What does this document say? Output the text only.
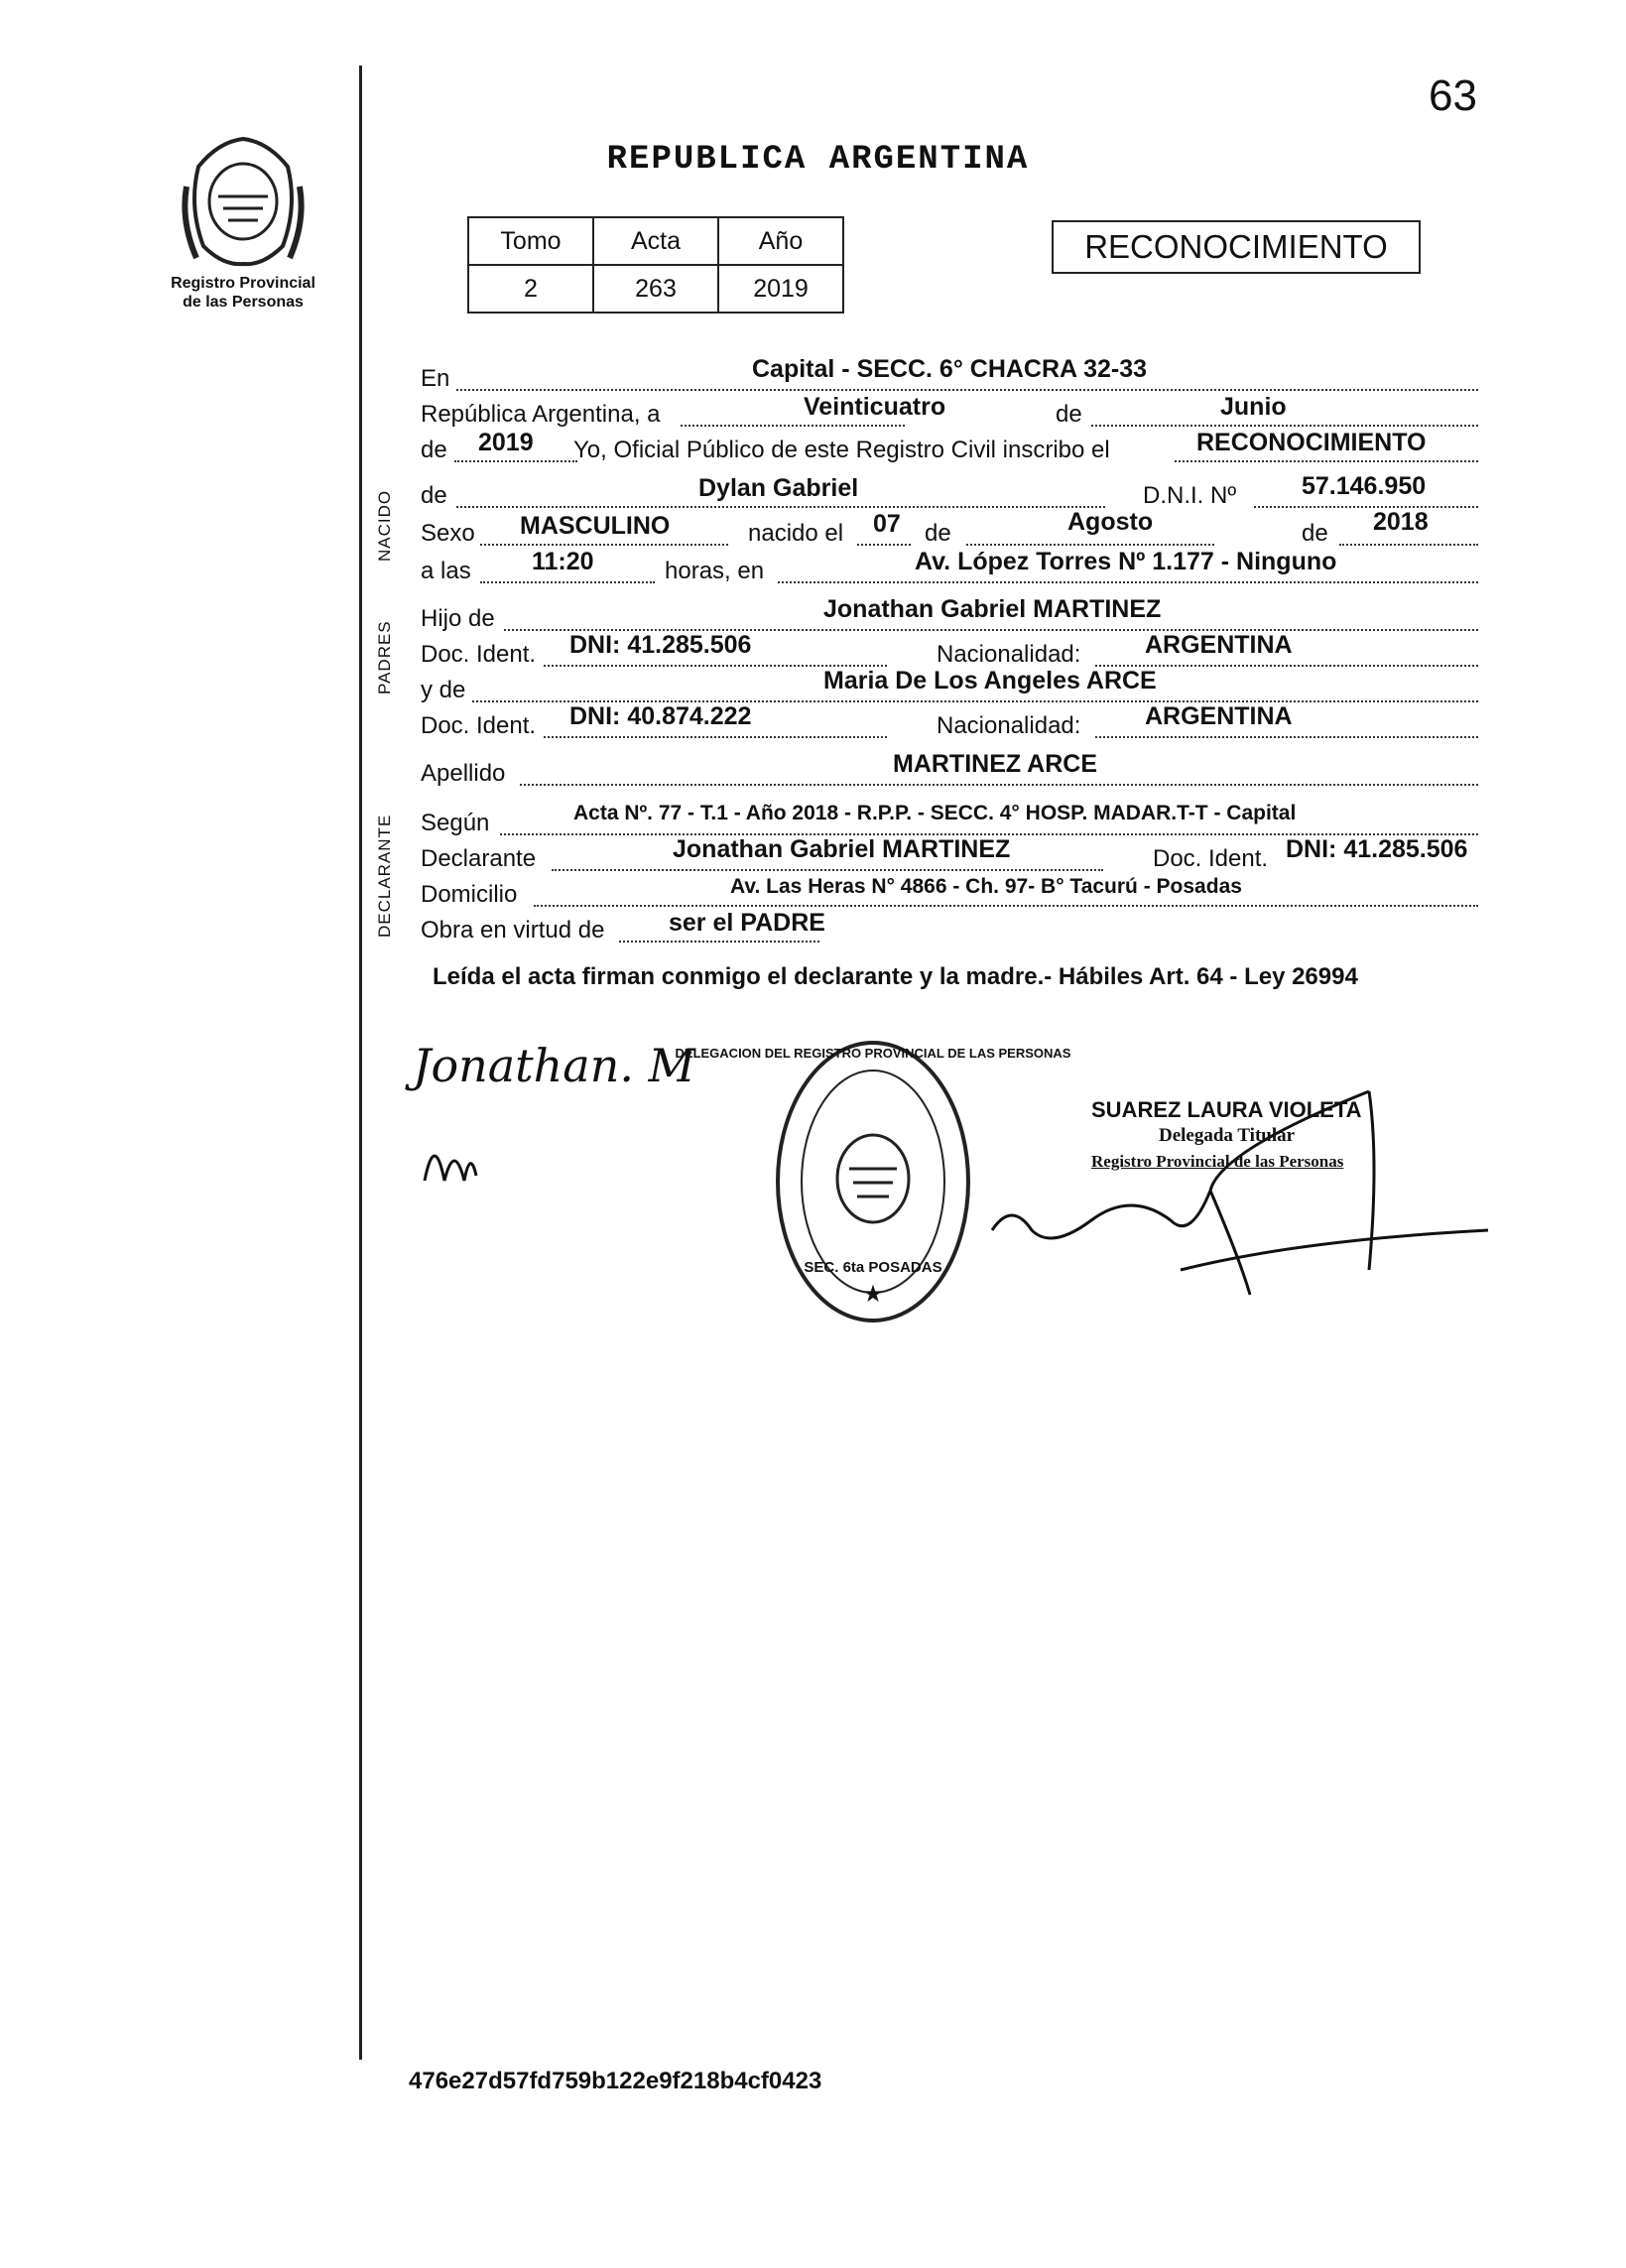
63
Registro Provincial
de las Personas
REPUBLICA ARGENTINA
Tomo	Acta	Año
2	263	2019
RECONOCIMIENTO
NACIDO
PADRES
DECLARANTE
En	Capital - SECC. 6° CHACRA 32-33
República Argentina, a	Veinticuatro	de	Junio
de 2019 Yo, Oficial Público de este Registro Civil inscribo el	RECONOCIMIENTO
de	Dylan Gabriel	D.N.I. Nº	57.146.950
Sexo MASCULINO	nacido el 07 de	Agosto	de 2018
a las 11:20	horas, en	Av. López Torres Nº 1.177 - Ninguno
Hijo de	Jonathan Gabriel MARTINEZ
Doc. Ident. DNI: 41.285.506	Nacionalidad:	ARGENTINA
y de	Maria De Los Angeles ARCE
Doc. Ident. DNI: 40.874.222	Nacionalidad:	ARGENTINA
Apellido	MARTINEZ ARCE
Según	Acta Nº. 77 - T.1 - Año 2018 - R.P.P. - SECC. 4° HOSP. MADAR.T-T - Capital
Declarante	Jonathan Gabriel MARTINEZ	Doc. Ident. DNI: 41.285.506
Domicilio	Av. Las Heras N° 4866 - Ch. 97- B° Tacurú - Posadas
Obra en virtud de	ser el PADRE
Leída el acta firman conmigo el declarante y la madre.- Hábiles Art. 64 - Ley 26994
Jonathan. M
DELEGACION DEL REGISTRO PROVINCIAL DE LAS PERSONAS
SEC. 6ta POSADAS
★
SUAREZ LAURA VIOLETA
Delegada Titular
Registro Provincial de las Personas
476e27d57fd759b122e9f218b4cf0423
